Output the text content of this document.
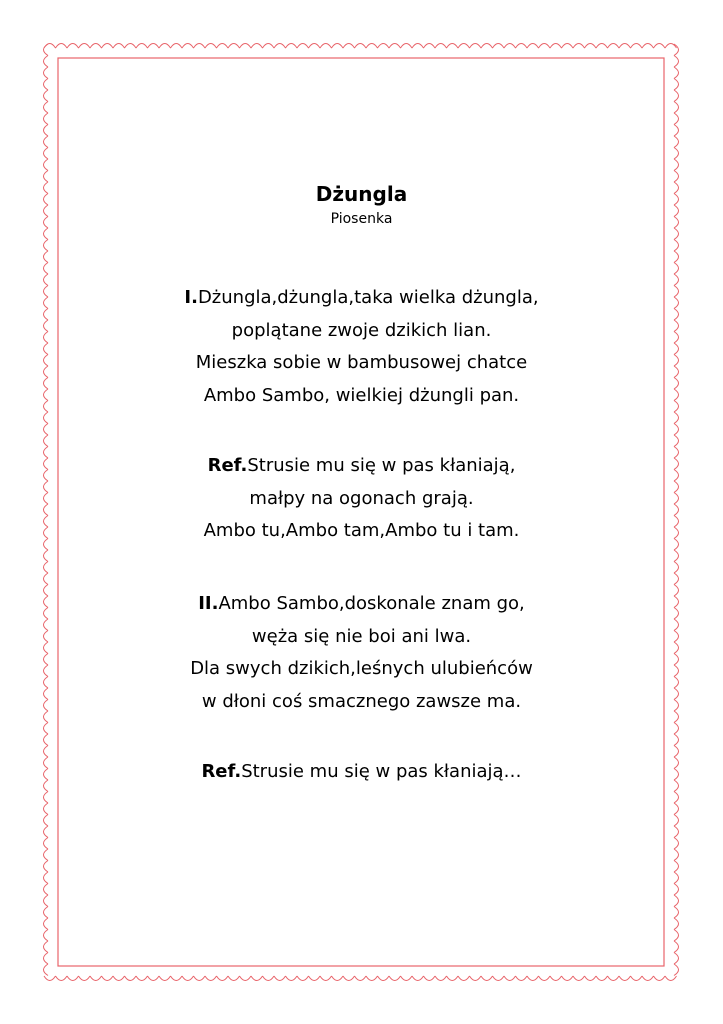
Dżungla
Piosenka
I.Dżungla,dżungla,taka wielka dżungla,
poplątane zwoje dzikich lian.
Mieszka sobie w bambusowej chatce
Ambo Sambo, wielkiej dżungli pan.
Ref.Strusie mu się w pas kłaniają,
małpy na ogonach grają.
Ambo tu,Ambo tam,Ambo tu i tam.
II.Ambo Sambo,doskonale znam go,
węża się nie boi ani lwa.
Dla swych dzikich,leśnych ulubieńców
w dłoni coś smacznego zawsze ma.
Ref.Strusie mu się w pas kłaniają…
